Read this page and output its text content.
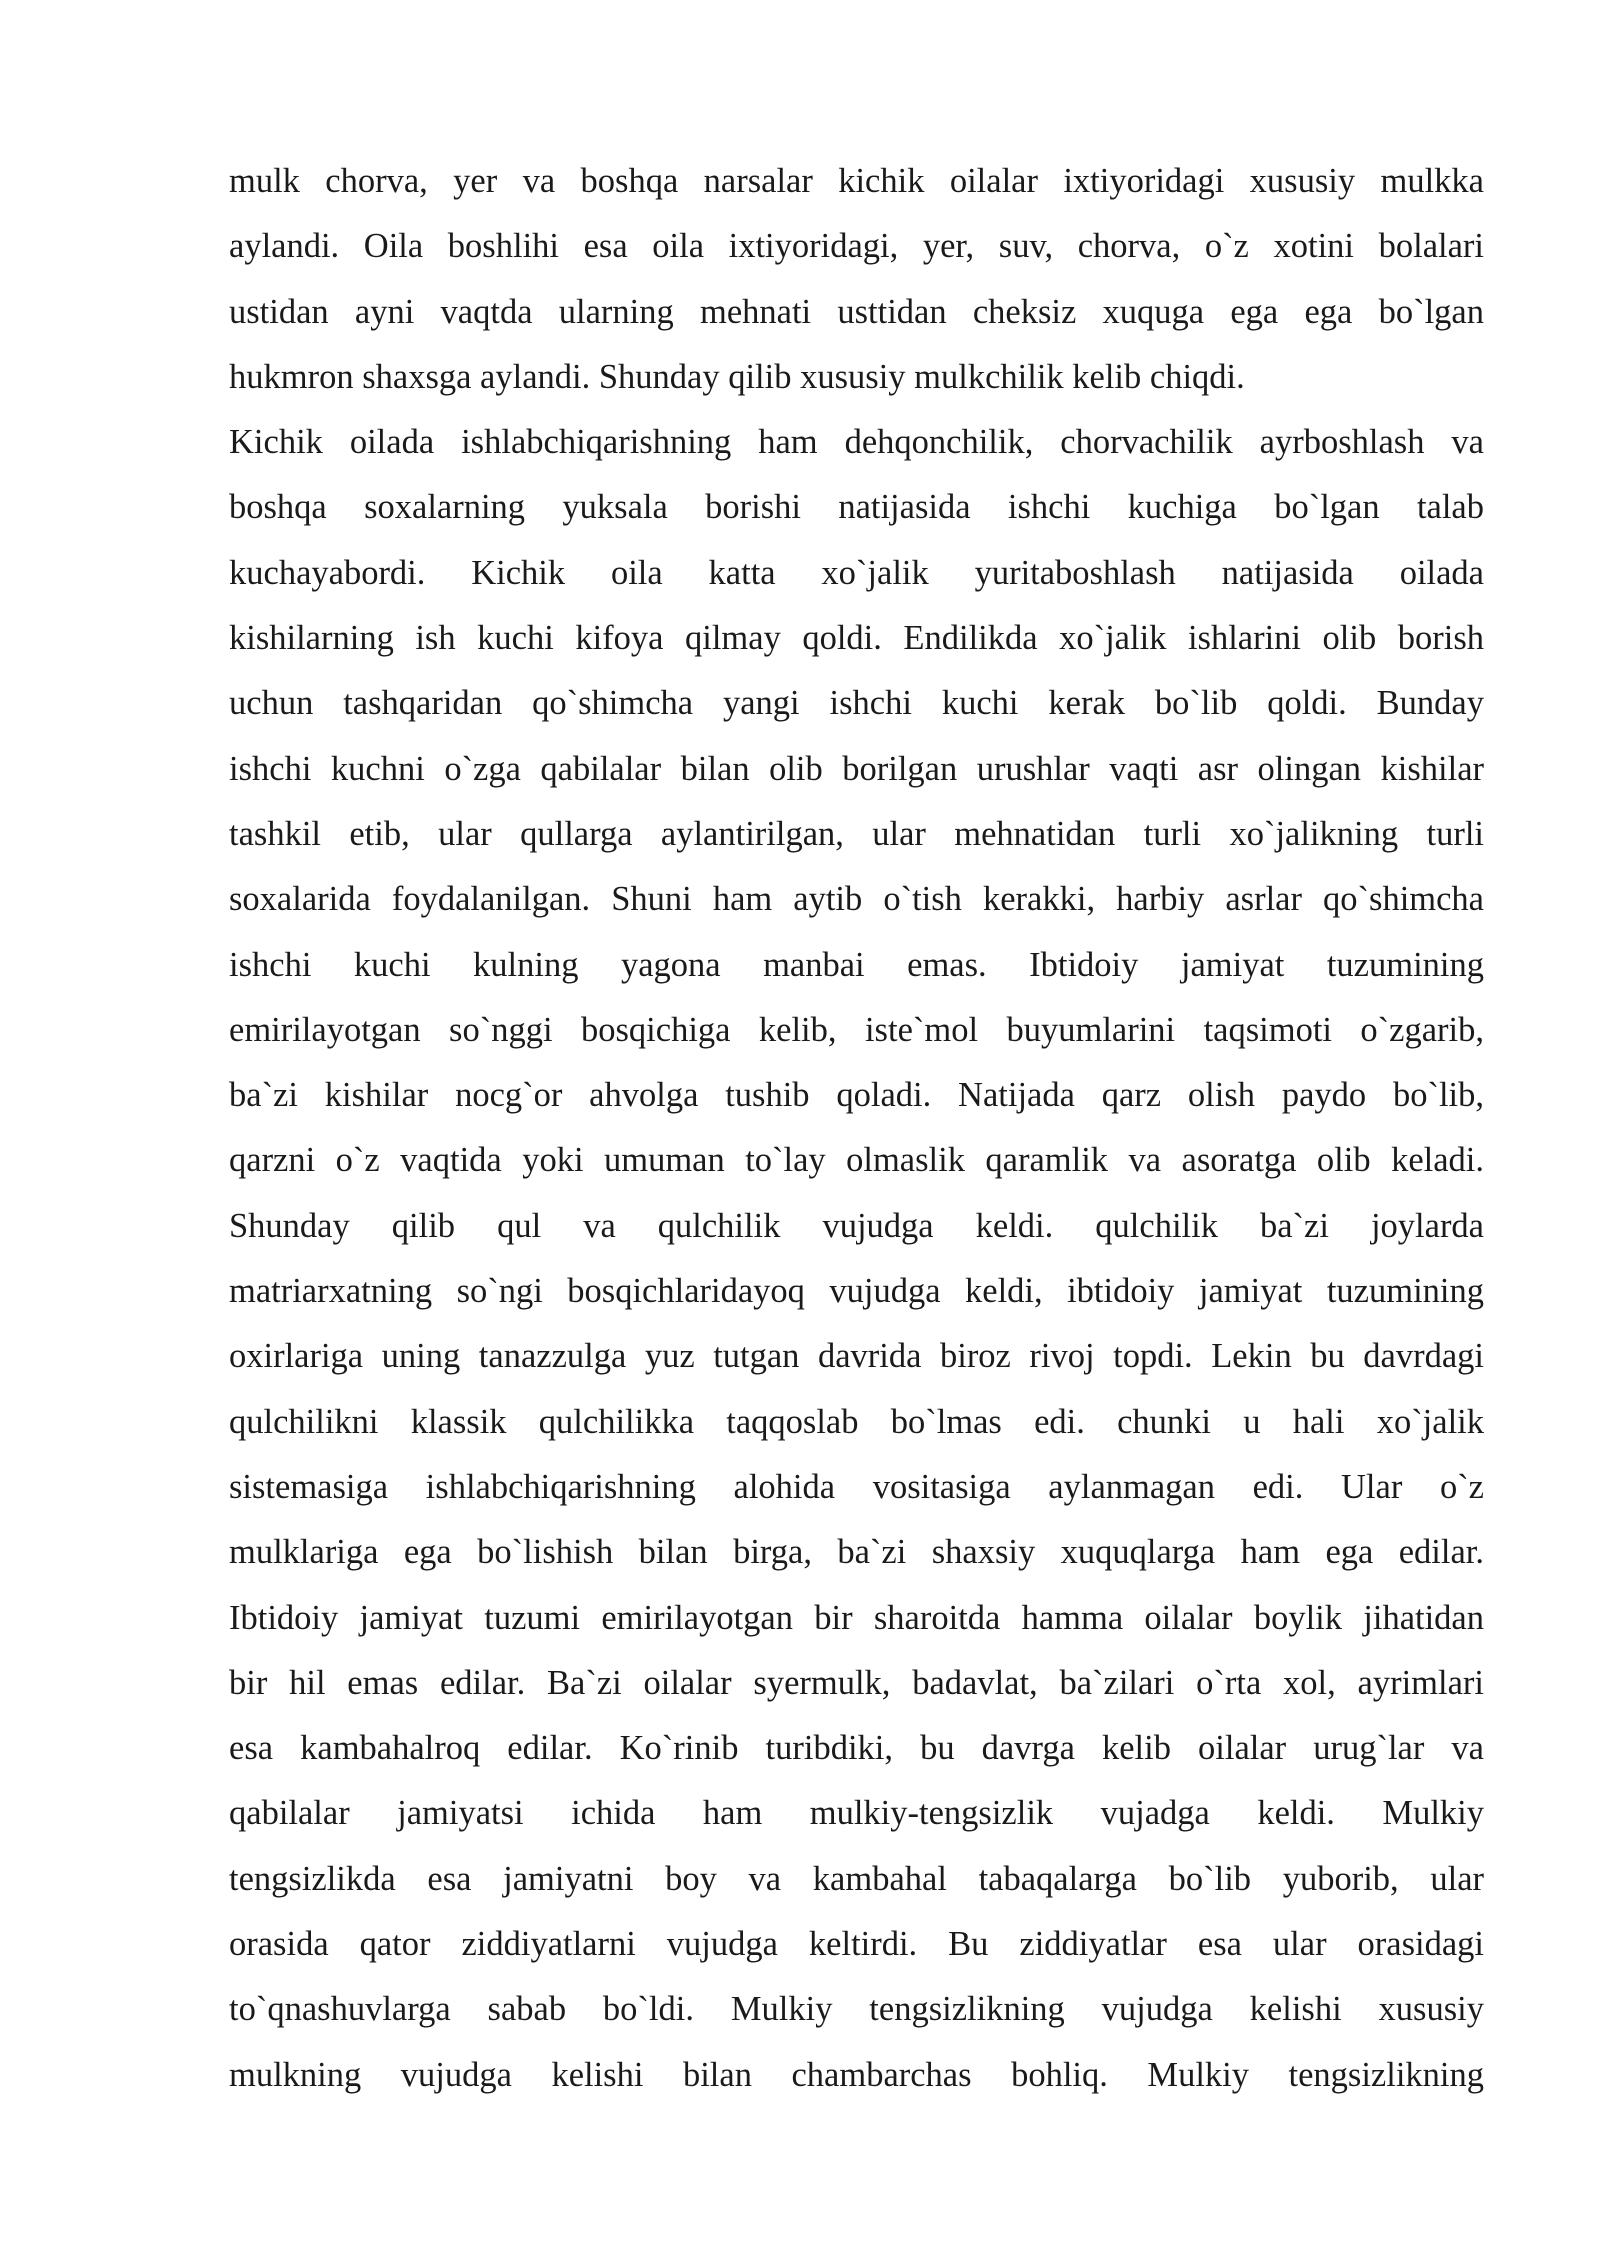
mulk chorva, yer va boshqa narsalar kichik oilalar ixtiyoridagi xususiy mulkka
aylandi. Oila boshlihi esa oila ixtiyoridagi, yer, suv, chorva, o`z xotini bolalari
ustidan ayni vaqtda ularning mehnati usttidan cheksiz xuquga ega ega bo`lgan
hukmron shaxsga aylandi. Shunday qilib xususiy mulkchilik kelib chiqdi.
Kichik oilada ishlabchiqarishning ham dehqonchilik, chorvachilik ayrboshlash va
boshqa soxalarning yuksala borishi natijasida ishchi kuchiga bo`lgan talab
kuchayabordi. Kichik oila katta xo`jalik yuritaboshlash natijasida oilada
kishilarning ish kuchi kifoya qilmay qoldi. Endilikda xo`jalik ishlarini olib borish
uchun tashqaridan qo`shimcha yangi ishchi kuchi kerak bo`lib qoldi. Bunday
ishchi kuchni o`zga qabilalar bilan olib borilgan urushlar vaqti asr olingan kishilar
tashkil etib, ular qullarga aylantirilgan, ular mehnatidan turli xo`jalikning turli
soxalarida foydalanilgan. Shuni ham aytib o`tish kerakki, harbiy asrlar qo`shimcha
ishchi kuchi kulning yagona manbai emas. Ibtidoiy jamiyat tuzumining
emirilayotgan so`nggi bosqichiga kelib, iste`mol buyumlarini taqsimoti o`zgarib,
ba`zi kishilar nocg`or ahvolga tushib qoladi. Natijada qarz olish paydo bo`lib,
qarzni o`z vaqtida yoki umuman to`lay olmaslik qaramlik va asoratga olib keladi.
Shunday qilib qul va qulchilik vujudga keldi. qulchilik ba`zi joylarda
matriarxatning so`ngi bosqichlaridayoq vujudga keldi, ibtidoiy jamiyat tuzumining
oxirlariga uning tanazzulga yuz tutgan davrida biroz rivoj topdi. Lekin bu davrdagi
qulchilikni klassik qulchilikka taqqoslab bo`lmas edi. chunki u hali xo`jalik
sistemasiga ishlabchiqarishning alohida vositasiga aylanmagan edi. Ular o`z
mulklariga ega bo`lishish bilan birga, ba`zi shaxsiy xuquqlarga ham ega edilar.
Ibtidoiy jamiyat tuzumi emirilayotgan bir sharoitda hamma oilalar boylik jihatidan
bir hil emas edilar. Ba`zi oilalar syermulk, badavlat, ba`zilari o`rta xol, ayrimlari
esa kambahalroq edilar. Ko`rinib turibdiki, bu davrga kelib oilalar urug`lar va
qabilalar jamiyatsi ichida ham mulkiy-tengsizlik vujadga keldi. Mulkiy
tengsizlikda esa jamiyatni boy va kambahal tabaqalarga bo`lib yuborib, ular
orasida qator ziddiyatlarni vujudga keltirdi. Bu ziddiyatlar esa ular orasidagi
to`qnashuvlarga sabab bo`ldi. Mulkiy tengsizlikning vujudga kelishi xususiy
mulkning vujudga kelishi bilan chambarchas bohliq. Mulkiy tengsizlikning
